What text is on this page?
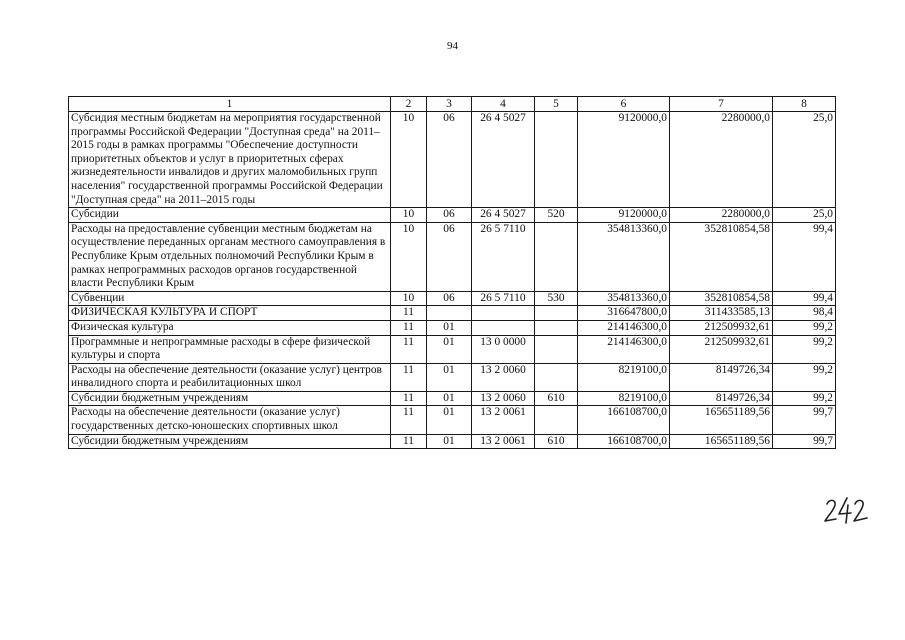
94
1	2	3	4	5	6	7	8
Субсидия местным бюджетам на мероприятия государственной программы Российской Федерации "Доступная среда" на 2011–2015 годы в рамках программы "Обеспечение доступности приоритетных объектов и услуг в приоритетных сферах жизнедеятельности инвалидов и других маломобильных групп населения" государственной программы Российской Федерации "Доступная среда" на 2011–2015 годы	10	06	26 4 5027		9120000,0	2280000,0	25,0
Субсидии	10	06	26 4 5027	520	9120000,0	2280000,0	25,0
Расходы на предоставление субвенции местным бюджетам на осуществление переданных органам местного самоуправления в Республике Крым отдельных полномочий Республики Крым в рамках непрограммных расходов органов государственной власти Республики Крым	10	06	26 5 7110		354813360,0	352810854,58	99,4
Субвенции	10	06	26 5 7110	530	354813360,0	352810854,58	99,4
ФИЗИЧЕСКАЯ КУЛЬТУРА И СПОРТ	11				316647800,0	311433585,13	98,4
Физическая культура	11	01			214146300,0	212509932,61	99,2
Программные и непрограммные расходы в сфере физической культуры и спорта	11	01	13 0 0000		214146300,0	212509932,61	99,2
Расходы на обеспечение деятельности (оказание услуг) центров инвалидного спорта и реабилитационных школ	11	01	13 2 0060		8219100,0	8149726,34	99,2
Субсидии бюджетным учреждениям	11	01	13 2 0060	610	8219100,0	8149726,34	99,2
Расходы на обеспечение деятельности (оказание услуг) государственных детско-юношеских спортивных школ	11	01	13 2 0061		166108700,0	165651189,56	99,7
Субсидии бюджетным учреждениям	11	01	13 2 0061	610	166108700,0	165651189,56	99,7
